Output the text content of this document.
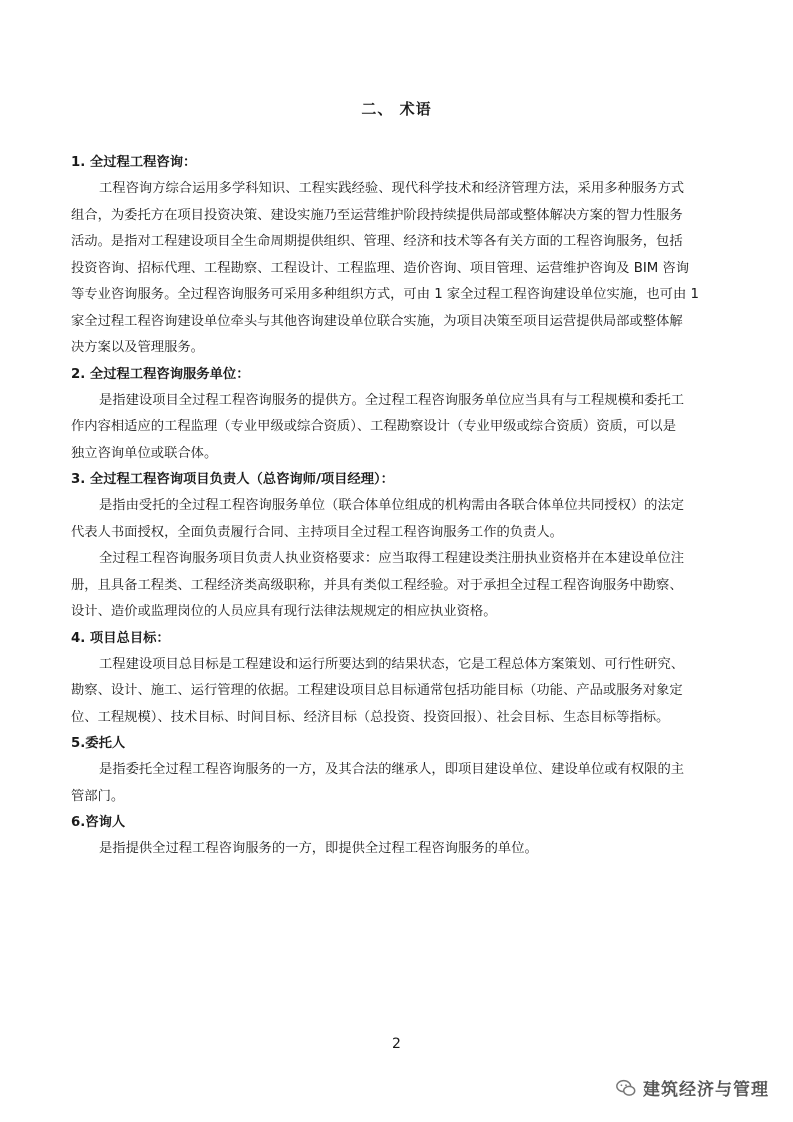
二、 术语
1. 全过程工程咨询：

工程咨询方综合运用多学科知识、工程实践经验、现代科学技术和经济管理方法，采用多种服务方式

组合，为委托方在项目投资决策、建设实施乃至运营维护阶段持续提供局部或整体解决方案的智力性服务

活动。是指对工程建设项目全生命周期提供组织、管理、经济和技术等各有关方面的工程咨询服务，包括

投资咨询、招标代理、工程勘察、工程设计、工程监理、造价咨询、项目管理、运营维护咨询及 BIM 咨询

等专业咨询服务。全过程咨询服务可采用多种组织方式，可由 1 家全过程工程咨询建设单位实施，也可由 1

家全过程工程咨询建设单位牵头与其他咨询建设单位联合实施，为项目决策至项目运营提供局部或整体解

决方案以及管理服务。

2. 全过程工程咨询服务单位：

是指建设项目全过程工程咨询服务的提供方。全过程工程咨询服务单位应当具有与工程规模和委托工

作内容相适应的工程监理（专业甲级或综合资质）、工程勘察设计（专业甲级或综合资质）资质，可以是

独立咨询单位或联合体。

3. 全过程工程咨询项目负责人（总咨询师/项目经理）：

是指由受托的全过程工程咨询服务单位（联合体单位组成的机构需由各联合体单位共同授权）的法定

代表人书面授权，全面负责履行合同、主持项目全过程工程咨询服务工作的负责人。

全过程工程咨询服务项目负责人执业资格要求：应当取得工程建设类注册执业资格并在本建设单位注

册，且具备工程类、工程经济类高级职称，并具有类似工程经验。对于承担全过程工程咨询服务中勘察、

设计、造价或监理岗位的人员应具有现行法律法规规定的相应执业资格。

4. 项目总目标：

工程建设项目总目标是工程建设和运行所要达到的结果状态，它是工程总体方案策划、可行性研究、

勘察、设计、施工、运行管理的依据。工程建设项目总目标通常包括功能目标（功能、产品或服务对象定

位、工程规模）、技术目标、时间目标、经济目标（总投资、投资回报）、社会目标、生态目标等指标。

5.委托人

是指委托全过程工程咨询服务的一方，及其合法的继承人，即项目建设单位、建设单位或有权限的主

管部门。

6.咨询人

是指提供全过程工程咨询服务的一方，即提供全过程工程咨询服务的单位。

2
建筑经济与管理
